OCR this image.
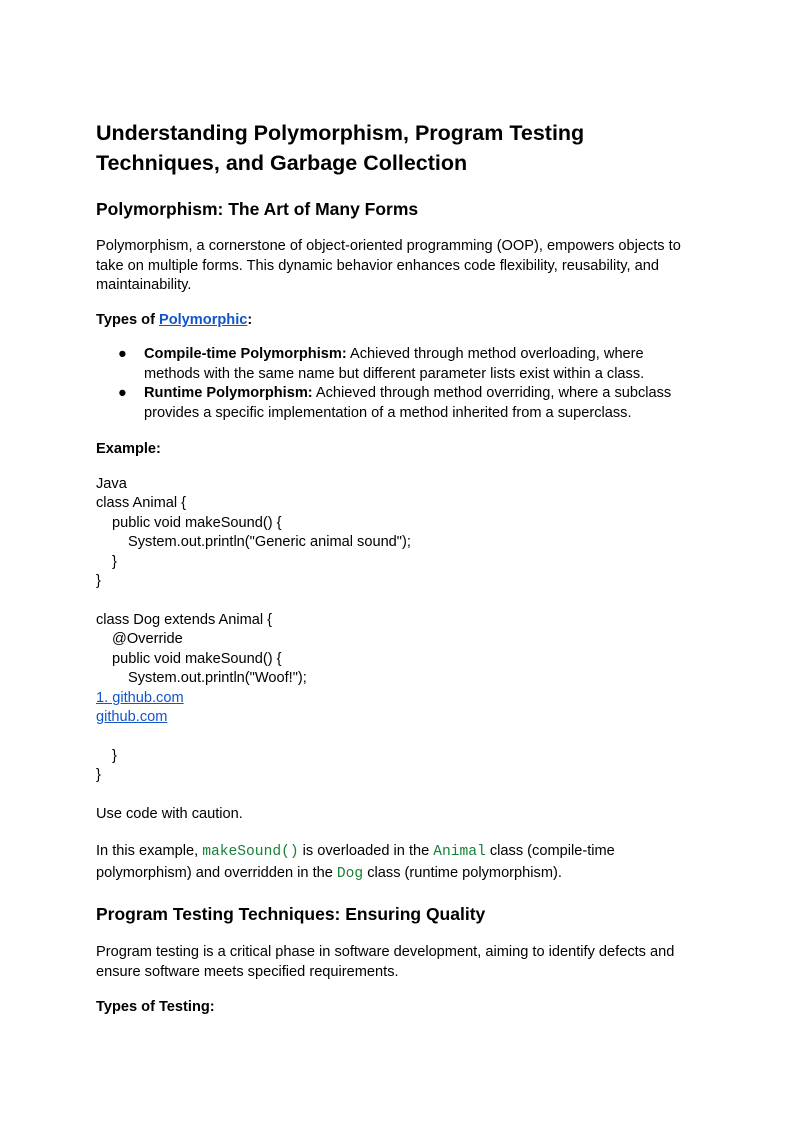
Understanding Polymorphism, Program Testing Techniques, and Garbage Collection
Polymorphism: The Art of Many Forms

Polymorphism, a cornerstone of object-oriented programming (OOP), empowers objects to take on multiple forms. This dynamic behavior enhances code flexibility, reusability, and maintainability.

Types of Polymorphic:
● Compile-time Polymorphism: Achieved through method overloading, where methods with the same name but different parameter lists exist within a class.
● Runtime Polymorphism: Achieved through method overriding, where a subclass provides a specific implementation of a method inherited from a superclass.
Example:
Java
class Animal {
public void makeSound() {
System.out.println("Generic animal sound");
}
}
class Dog extends Animal {
@Override
public void makeSound() {
System.out.println("Woof!");
1. github.com
github.com
}
}
Use code with caution.
In this example, makeSound() is overloaded in the Animal class (compile-time
polymorphism) and overridden in the Dog class (runtime polymorphism).
Program Testing Techniques: Ensuring Quality

Program testing is a critical phase in software development, aiming to identify defects and ensure software meets specified requirements.

Types of Testing:
